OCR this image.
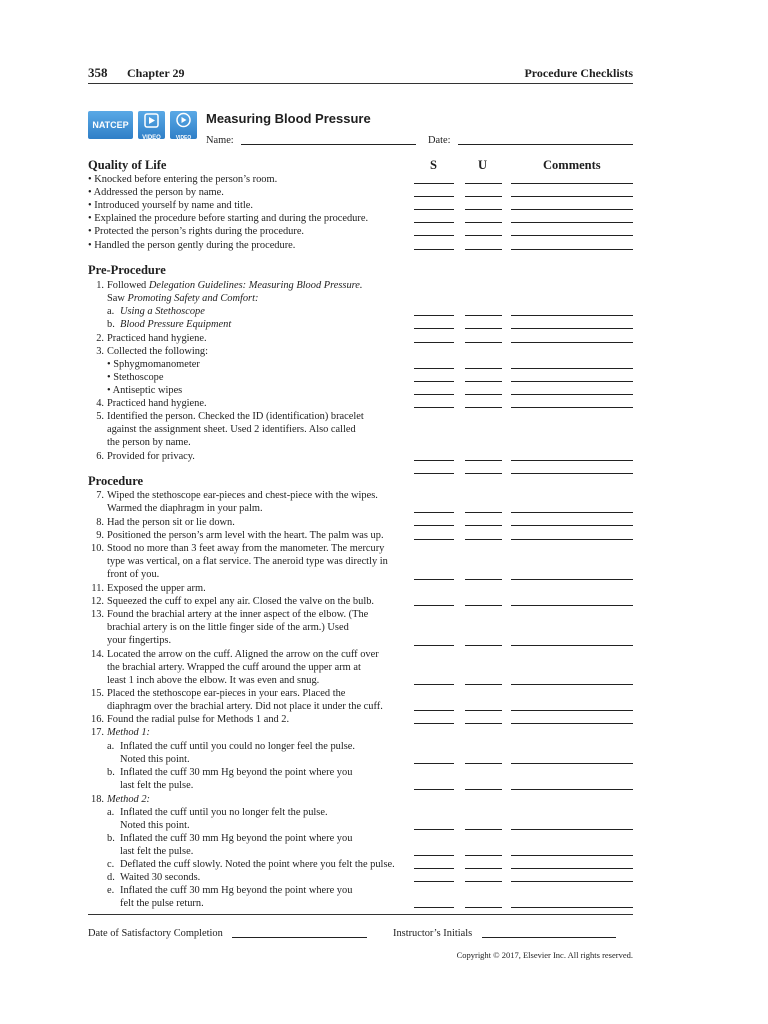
358 Chapter 29	Procedure Checklists
NATCEP
VIDEO	VIDEO CLIP
Measuring Blood Pressure
Name:	Date:
Quality of Life	S	U	Comments
• Knocked before entering the person’s room.
• Addressed the person by name.
• Introduced yourself by name and title.
• Explained the procedure before starting and during the procedure.
• Protected the person’s rights during the procedure.
• Handled the person gently during the procedure.
Pre-Procedure
1. Followed Delegation Guidelines: Measuring Blood Pressure.
Saw Promoting Safety and Comfort:
a. Using a Stethoscope
b. Blood Pressure Equipment
2. Practiced hand hygiene.
3. Collected the following:
• Sphygmomanometer
• Stethoscope
• Antiseptic wipes
4. Practiced hand hygiene.
5. Identified the person. Checked the ID (identification) bracelet
against the assignment sheet. Used 2 identifiers. Also called
the person by name.
6. Provided for privacy.
Procedure
7. Wiped the stethoscope ear-pieces and chest-piece with the wipes.
Warmed the diaphragm in your palm.
8. Had the person sit or lie down.
9. Positioned the person’s arm level with the heart. The palm was up.
10. Stood no more than 3 feet away from the manometer. The mercury
type was vertical, on a flat service. The aneroid type was directly in
front of you.
11. Exposed the upper arm.
12. Squeezed the cuff to expel any air. Closed the valve on the bulb.
13. Found the brachial artery at the inner aspect of the elbow. (The
brachial artery is on the little finger side of the arm.) Used
your fingertips.
14. Located the arrow on the cuff. Aligned the arrow on the cuff over
the brachial artery. Wrapped the cuff around the upper arm at
least 1 inch above the elbow. It was even and snug.
15. Placed the stethoscope ear-pieces in your ears. Placed the
diaphragm over the brachial artery. Did not place it under the cuff.
16. Found the radial pulse for Methods 1 and 2.
17. Method 1:
a. Inflated the cuff until you could no longer feel the pulse.
Noted this point.
b. Inflated the cuff 30 mm Hg beyond the point where you
last felt the pulse.
18. Method 2:
a. Inflated the cuff until you no longer felt the pulse.
Noted this point.
b. Inflated the cuff 30 mm Hg beyond the point where you
last felt the pulse.
c. Deflated the cuff slowly. Noted the point where you felt the pulse.
d. Waited 30 seconds.
e. Inflated the cuff 30 mm Hg beyond the point where you
felt the pulse return.
Date of Satisfactory Completion	Instructor’s Initials
Copyright © 2017, Elsevier Inc. All rights reserved.
